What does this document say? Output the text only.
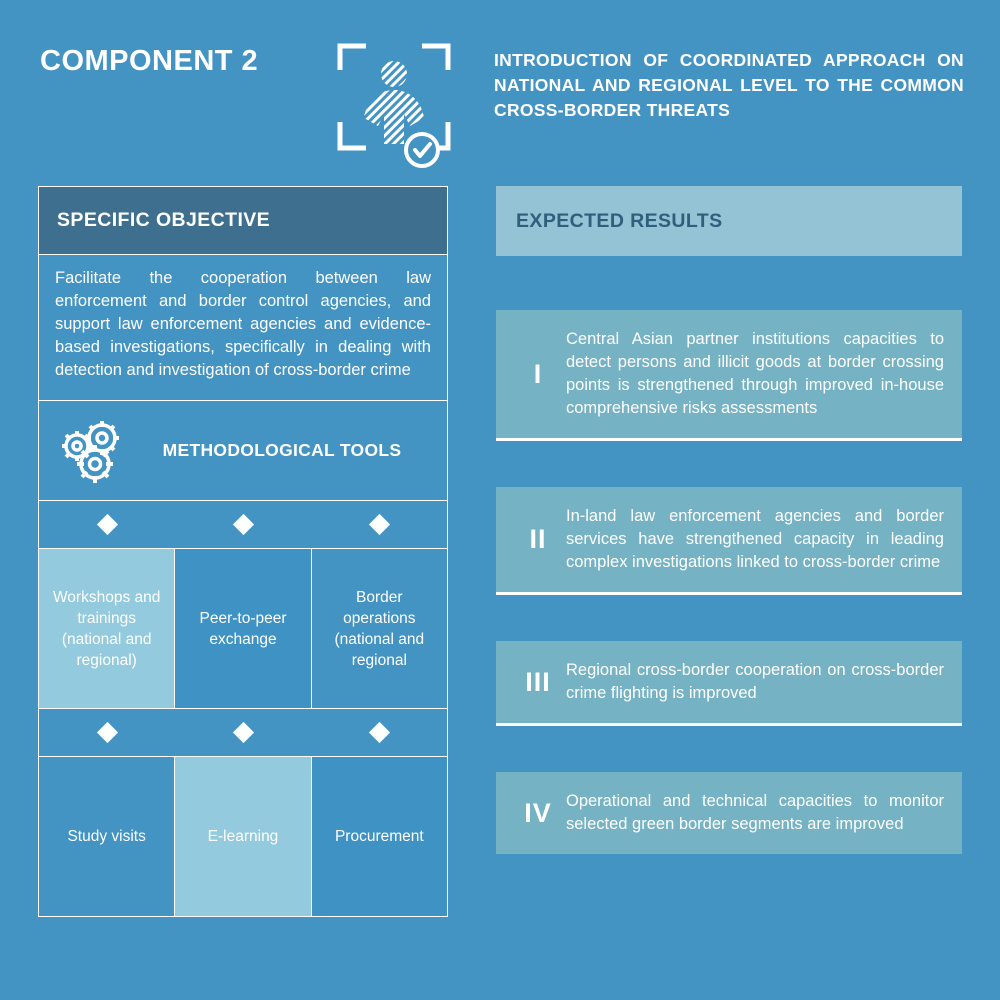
COMPONENT 2	INTRODUCTION OF COORDINATED APPROACH ON NATIONAL AND REGIONAL LEVEL TO THE COMMON CROSS-BORDER THREATS
SPECIFIC OBJECTIVE
Facilitate the cooperation between law enforcement and border control agencies, and support law enforcement agencies and evidence-based investigations, specifically in dealing with detection and investigation of cross-border crime
METHODOLOGICAL TOOLS
Workshops and trainings (national and regional)
Peer-to-peer exchange
Border operations (national and regional
Study visits	E-learning	Procurement
EXPECTED RESULTS
I
Central Asian partner institutions capacities to detect persons and illicit goods at border crossing points is strengthened through improved in-house comprehensive risks assessments
II
In-land law enforcement agencies and border services have strengthened capacity in leading complex investigations linked to cross-border crime
III Regional cross-border cooperation on cross-border crime flighting is improved
IV Operational and technical capacities to monitor selected green border segments are improved
